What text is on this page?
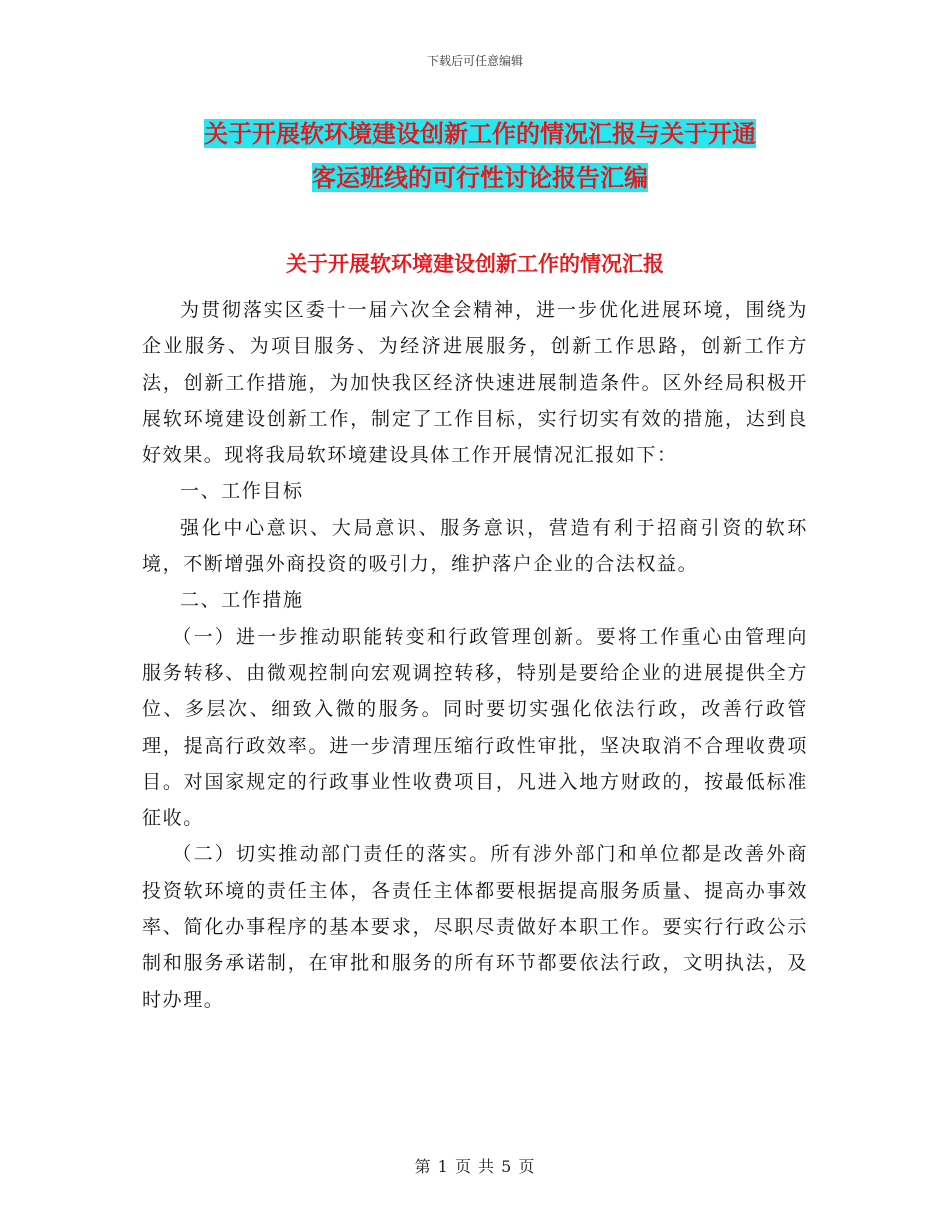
下载后可任意编辑
关于开展软环境建设创新工作的情况汇报与关于开通
客运班线的可行性讨论报告汇编
关于开展软环境建设创新工作的情况汇报

为贯彻落实区委十一届六次全会精神，进一步优化进展环境，围绕为企业服务、为项目服务、为经济进展服务，创新工作思路，创新工作方法，创新工作措施，为加快我区经济快速进展制造条件。区外经局积极开展软环境建设创新工作，制定了工作目标，实行切实有效的措施，达到良好效果。现将我局软环境建设具体工作开展情况汇报如下：

一、工作目标

强化中心意识、大局意识、服务意识，营造有利于招商引资的软环境，不断增强外商投资的吸引力，维护落户企业的合法权益。

二、工作措施

（一）进一步推动职能转变和行政管理创新。要将工作重心由管理向服务转移、由微观控制向宏观调控转移，特别是要给企业的进展提供全方位、多层次、细致入微的服务。同时要切实强化依法行政，改善行政管理，提高行政效率。进一步清理压缩行政性审批，坚决取消不合理收费项目。对国家规定的行政事业性收费项目，凡进入地方财政的，按最低标准征收。

（二）切实推动部门责任的落实。所有涉外部门和单位都是改善外商投资软环境的责任主体，各责任主体都要根据提高服务质量、提高办事效率、简化办事程序的基本要求，尽职尽责做好本职工作。要实行行政公示制和服务承诺制，在审批和服务的所有环节都要依法行政，文明执法，及时办理。

第 1 页 共 5 页
